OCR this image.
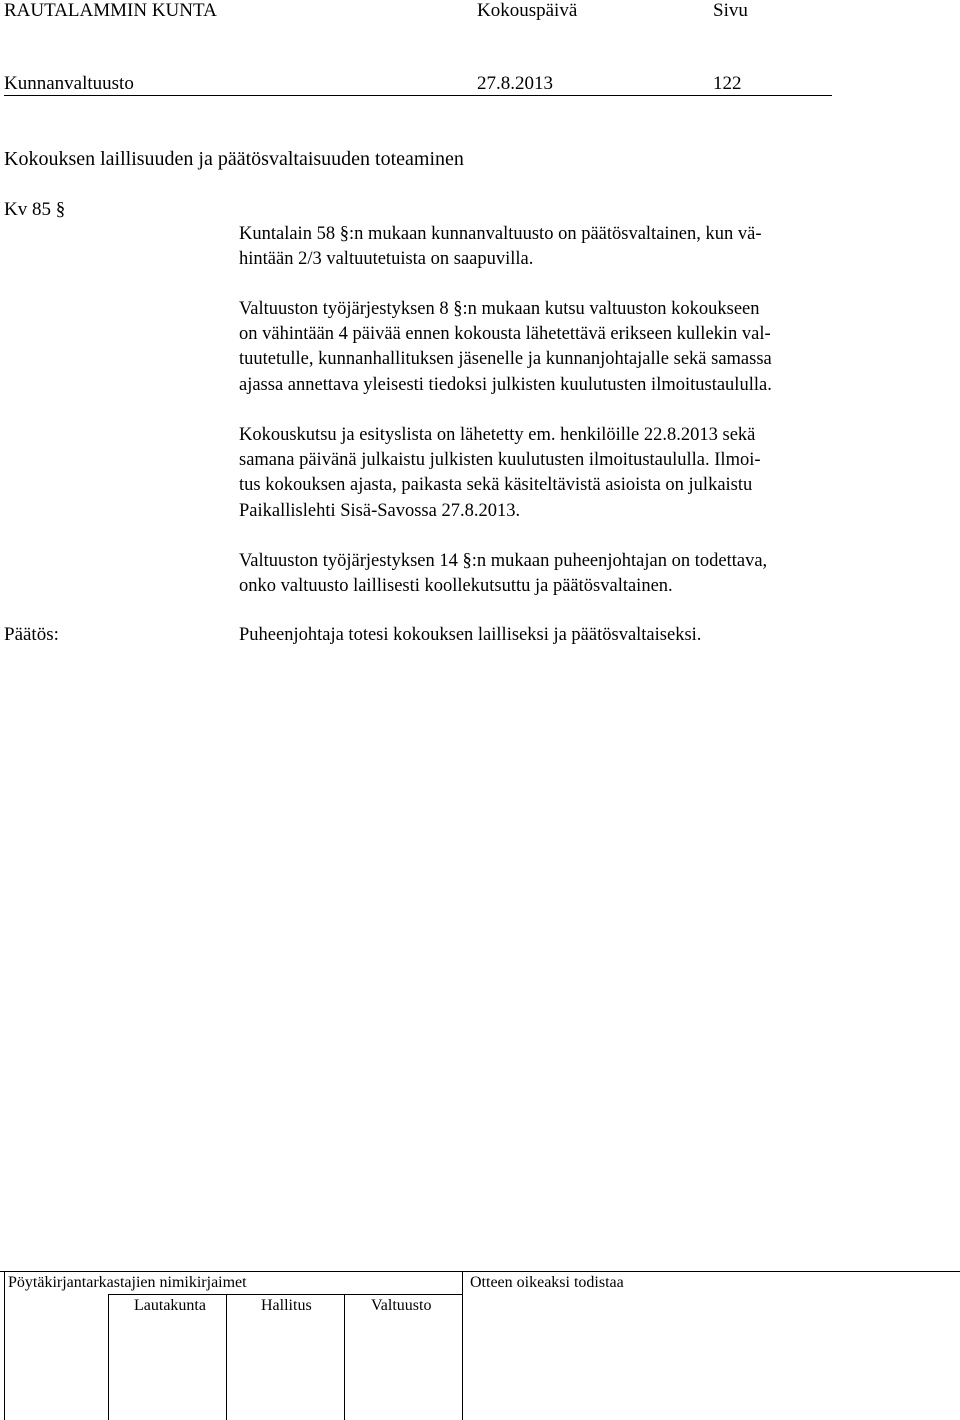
RAUTALAMMIN KUNTA	Kokouspäivä	Sivu
Kunnanvaltuusto	27.8.2013	122
Kokouksen laillisuuden ja päätösvaltaisuuden toteaminen
Kv 85 §
Kuntalain 58 §:n mukaan kunnanvaltuusto on päätösvaltainen, kun vä-
hintään 2/3 valtuutetuista on saapuvilla.
Valtuuston työjärjestyksen 8 §:n mukaan kutsu valtuuston kokoukseen
on vähintään 4 päivää ennen kokousta lähetettävä erikseen kullekin val-
tuutetulle, kunnanhallituksen jäsenelle ja kunnanjohtajalle sekä samassa
ajassa annettava yleisesti tiedoksi julkisten kuulutusten ilmoitustaululla.
Kokouskutsu ja esityslista on lähetetty em. henkilöille 22.8.2013 sekä
samana päivänä julkaistu julkisten kuulutusten ilmoitustaululla. Ilmoi-
tus kokouksen ajasta, paikasta sekä käsiteltävistä asioista on julkaistu
Paikallislehti Sisä-Savossa 27.8.2013.
Valtuuston työjärjestyksen 14 §:n mukaan puheenjohtajan on todettava,
onko valtuusto laillisesti koollekutsuttu ja päätösvaltainen.
Päätös:	Puheenjohtaja totesi kokouksen lailliseksi ja päätösvaltaiseksi.
Pöytäkirjantarkastajien nimikirjaimet	Otteen oikeaksi todistaa
Lautakunta	Hallitus	Valtuusto
